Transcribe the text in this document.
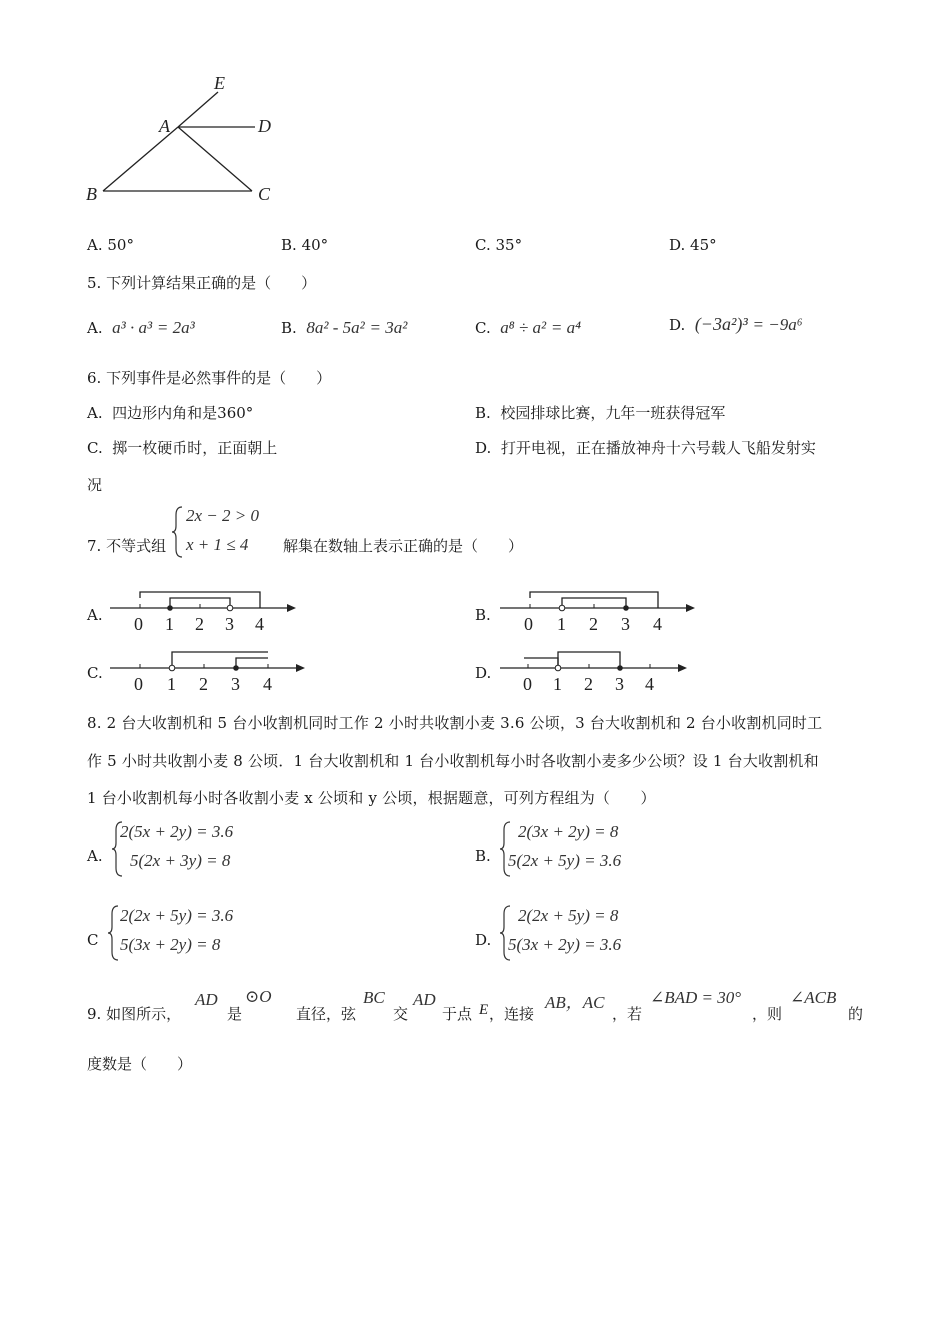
E
A	D
B	C
A. 50°	B. 40°	C. 35°	D. 45°
5. 下列计算结果正确的是（　　）
A. a³ · a³ = 2a³	B. 8a² - 5a² = 3a²	C. a⁸ ÷ a² = a⁴	D. (−3a²)³ = −9a⁶
6. 下列事件是必然事件的是（　　）
A. 四边形内角和是360°	B. 校园排球比赛，九年一班获得冠军
C. 掷一枚硬币时，正面朝上	D. 打开电视，正在播放神舟十六号载人飞船发射实
况
7. 不等式组
2x − 2 > 0
x + 1 ≤ 4 解集在数轴上表示正确的是（　　）
A. 0 1 2 3 4	B. 0 1 2 3 4
C.
0 1 2 3 4
D.
0 1 2 3 4
8. 2 台大收割机和 5 台小收割机同时工作 2 小时共收割小麦 3.6 公顷，3 台大收割机和 2 台小收割机同时工
作 5 小时共收割小麦 8 公顷．1 台大收割机和 1 台小收割机每小时各收割小麦多少公顷？设 1 台大收割机和
1 台小收割机每小时各收割小麦 x 公顷和 y 公顷，根据题意，可列方程组为（　　）
A.
2(5x + 2y) = 3.6
5(2x + 3y) = 8	B.
2(3x + 2y) = 8
5(2x + 5y) = 3.6
C
2(2x + 5y) = 3.6
5(3x + 2y) = 8	D.
2(2x + 5y) = 8
5(3x + 2y) = 3.6
9. 如图所示，
AD
是
⊙O
直径，弦
BC
交
AD
于点 E ，连接
AB，AC
，若
∠BAD = 30°
，则
∠ACB
的
度数是（　　）
